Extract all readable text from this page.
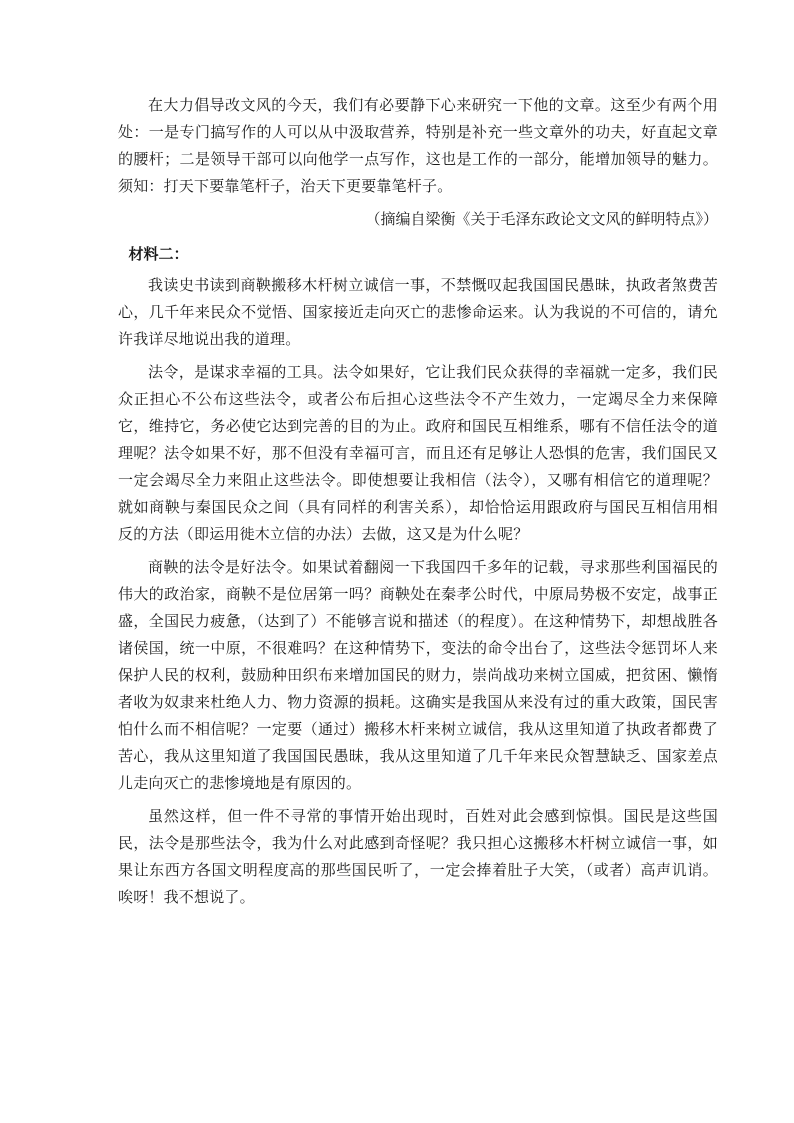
在大力倡导改文风的今天，我们有必要静下心来研究一下他的文章。这至少有两个用处：一是专门搞写作的人可以从中汲取营养，特别是补充一些文章外的功夫，好直起文章的腰杆；二是领导干部可以向他学一点写作，这也是工作的一部分，能增加领导的魅力。须知：打天下要靠笔杆子，治天下更要靠笔杆子。

（摘编自梁衡《关于毛泽东政论文文风的鲜明特点》）

材料二：

我读史书读到商鞅搬移木杆树立诚信一事，不禁慨叹起我国国民愚昧，执政者煞费苦心，几千年来民众不觉悟、国家接近走向灭亡的悲惨命运来。认为我说的不可信的，请允许我详尽地说出我的道理。

法令，是谋求幸福的工具。法令如果好，它让我们民众获得的幸福就一定多，我们民众正担心不公布这些法令，或者公布后担心这些法令不产生效力，一定竭尽全力来保障它，维持它，务必使它达到完善的目的为止。政府和国民互相维系，哪有不信任法令的道理呢？法令如果不好，那不但没有幸福可言，而且还有足够让人恐惧的危害，我们国民又一定会竭尽全力来阻止这些法令。即使想要让我相信（法令），又哪有相信它的道理呢？就如商鞅与秦国民众之间（具有同样的利害关系），却恰恰运用跟政府与国民互相信用相反的方法（即运用徙木立信的办法）去做，这又是为什么呢？

商鞅的法令是好法令。如果试着翻阅一下我国四千多年的记载，寻求那些利国福民的伟大的政治家，商鞅不是位居第一吗？商鞅处在秦孝公时代，中原局势极不安定，战事正盛，全国民力疲惫，（达到了）不能够言说和描述（的程度）。在这种情势下，却想战胜各诸侯国，统一中原，不很难吗？在这种情势下，变法的命令出台了，这些法令惩罚坏人来保护人民的权利，鼓励种田织布来增加国民的财力，崇尚战功来树立国威，把贫困、懒惰者收为奴隶来杜绝人力、物力资源的损耗。这确实是我国从来没有过的重大政策，国民害怕什么而不相信呢？一定要（通过）搬移木杆来树立诚信，我从这里知道了执政者都费了苦心，我从这里知道了我国国民愚昧，我从这里知道了几千年来民众智慧缺乏、国家差点儿走向灭亡的悲惨境地是有原因的。

虽然这样，但一件不寻常的事情开始出现时，百姓对此会感到惊惧。国民是这些国民，法令是那些法令，我为什么对此感到奇怪呢？我只担心这搬移木杆树立诚信一事，如果让东西方各国文明程度高的那些国民听了，一定会捧着肚子大笑，（或者）高声讥诮。唉呀！我不想说了。
